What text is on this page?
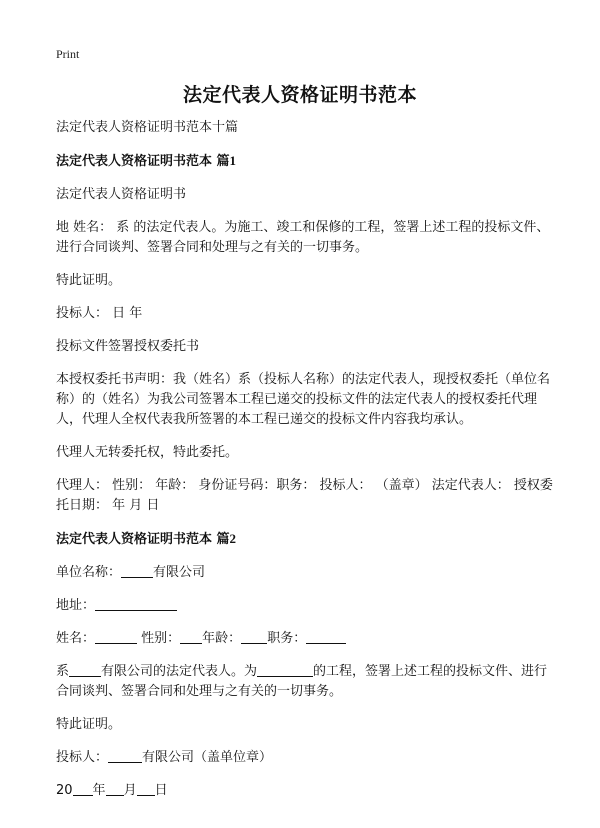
Print
法定代表人资格证明书范本

法定代表人资格证明书范本十篇

法定代表人资格证明书范本 篇1

法定代表人资格证明书

地 姓名： 系 的法定代表人。为施工、竣工和保修的工程，签署上述工程的投标文件、进行合同谈判、签署合同和处理与之有关的一切事务。

特此证明。

投标人： 日 年

投标文件签署授权委托书

本授权委托书声明：我（姓名）系（投标人名称）的法定代表人，现授权委托（单位名称）的（姓名）为我公司签署本工程已递交的投标文件的法定代表人的授权委托代理人，代理人全权代表我所签署的本工程已递交的投标文件内容我均承认。

代理人无转委托权，特此委托。

代理人： 性别： 年龄： 身份证号码：职务： 投标人： （盖章） 法定代表人： 授权委托日期： 年 月 日

法定代表人资格证明书范本 篇2

单位名称： 有限公司

地址：

姓名：	性别： 年龄： 职务：

系 有限公司的法定代表人。为	的工程，签署上述工程的投标文件、进行合同谈判、签署合同和处理与之有关的一切事务。

特此证明。

投标人：	有限公司（盖单位章）

20 年 月 日
